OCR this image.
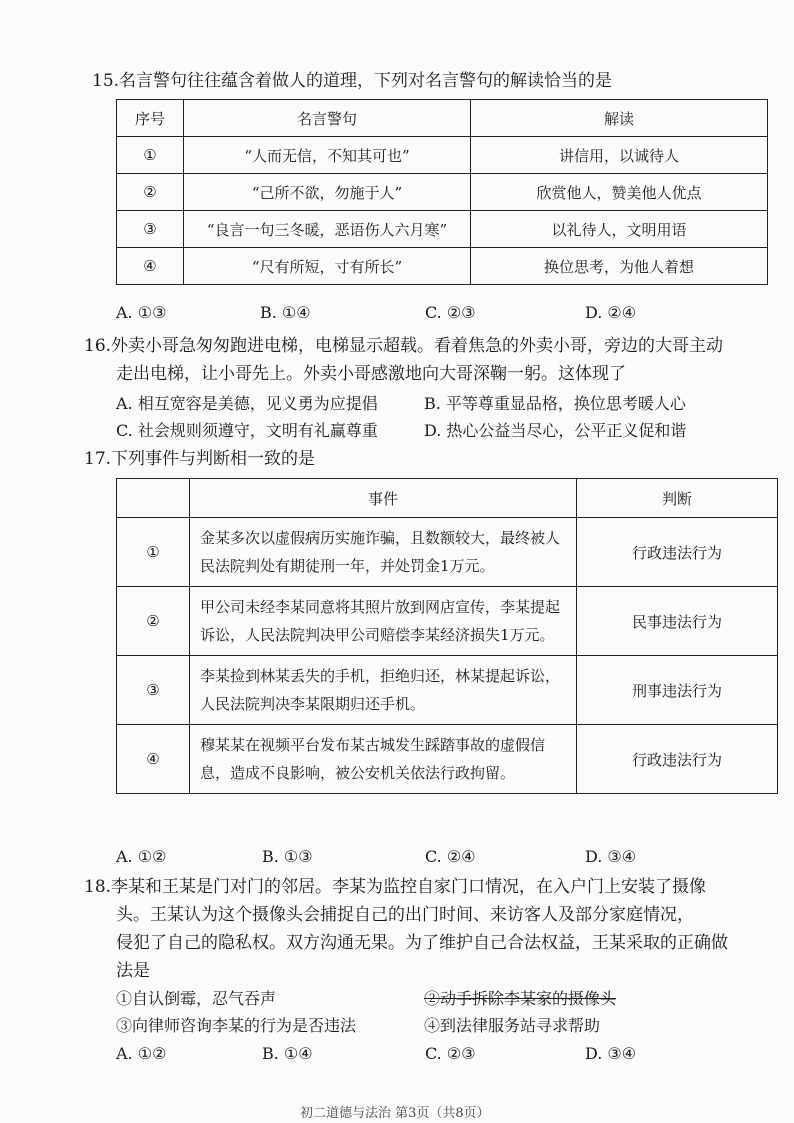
15.名言警句往往蕴含着做人的道理，下列对名言警句的解读恰当的是
序号	名言警句	解读
①	“人而无信，不知其可也”	讲信用，以诚待人
②	“己所不欲，勿施于人”	欣赏他人，赞美他人优点
③	“良言一句三冬暖，恶语伤人六月寒”	以礼待人，文明用语
④	“尺有所短，寸有所长”	换位思考，为他人着想
A. ①③	B. ①④	C. ②③	D. ②④
16.外卖小哥急匆匆跑进电梯，电梯显示超载。看着焦急的外卖小哥，旁边的大哥主动
走出电梯，让小哥先上。外卖小哥感激地向大哥深鞠一躬。这体现了
A. 相互宽容是美德，见义勇为应提倡	B. 平等尊重显品格，换位思考暖人心
C. 社会规则须遵守，文明有礼赢尊重	D. 热心公益当尽心，公平正义促和谐
17.下列事件与判断相一致的是
	事件	判断
①	金某多次以虚假病历实施诈骗，且数额较大，最终被人民法院判处有期徒刑一年，并处罚金1万元。	行政违法行为
②	甲公司未经李某同意将其照片放到网店宣传，李某提起诉讼，人民法院判决甲公司赔偿李某经济损失1万元。	民事违法行为
③	李某捡到林某丢失的手机，拒绝归还，林某提起诉讼，人民法院判决李某限期归还手机。	刑事违法行为
④	穆某某在视频平台发布某古城发生踩踏事故的虚假信息，造成不良影响，被公安机关依法行政拘留。	行政违法行为
A. ①②	B. ①③	C. ②④	D. ③④
18.李某和王某是门对门的邻居。李某为监控自家门口情况，在入户门上安装了摄像
头。王某认为这个摄像头会捕捉自己的出门时间、来访客人及部分家庭情况，
侵犯了自己的隐私权。双方沟通无果。为了维护自己合法权益，王某采取的正确做
法是
①自认倒霉，忍气吞声	②动手拆除李某家的摄像头
③向律师咨询李某的行为是否违法	④到法律服务站寻求帮助
A. ①②	B. ①④	C. ②③	D. ③④
初二道德与法治 第3页（共8页）
